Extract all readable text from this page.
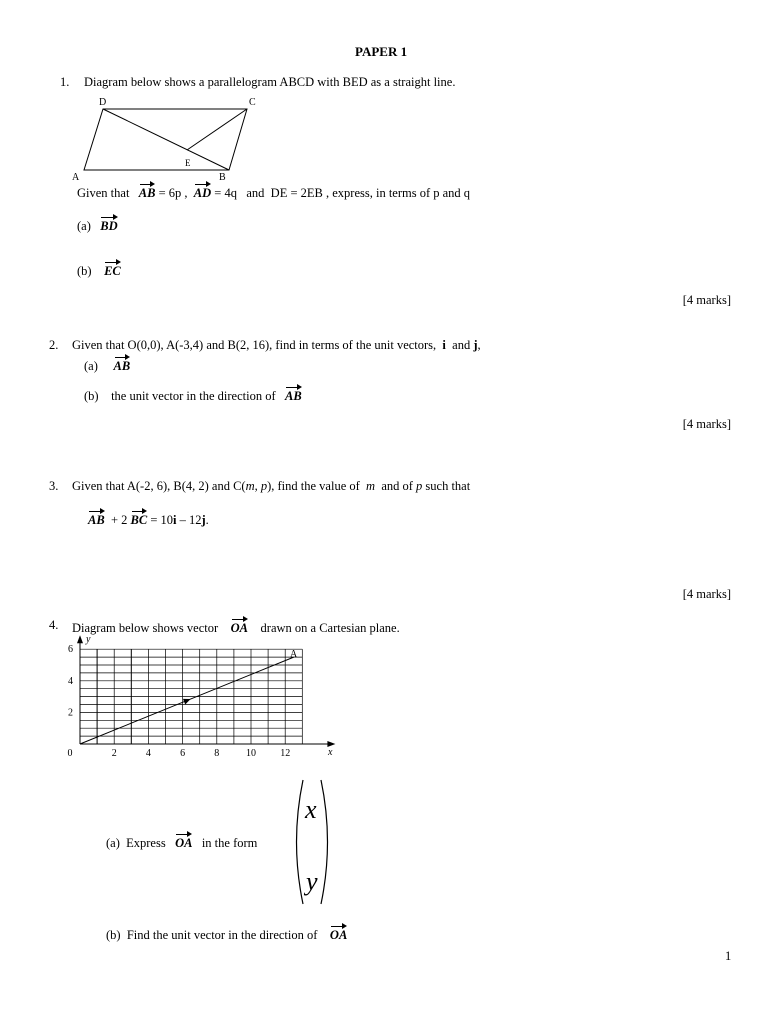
PAPER 1
1. Diagram below shows a parallelogram ABCD with BED as a straight line.
D	C
A	B
E
Given that AB = 6p , AD = 4q and DE = 2EB , express, in terms of p and q
(a) BD
(b) EC
[4 marks]
2. Given that O(0,0), A(-3,4) and B(2, 16), find in terms of the unit vectors, i and j,
(a) AB
(b) the unit vector in the direction of AB
[4 marks]
3. Given that A(-2, 6), B(4, 2) and C(m, p), find the value of m and of p such that
AB + 2 BC = 10i – 12j.
[4 marks]
4. Diagram below shows vector OA drawn on a Cartesian plane.
0	2	4	6	8	10 12
2
4
6	A
x
y
(a) Express OA in the form
x
y
(b) Find the unit vector in the direction of OA
1
